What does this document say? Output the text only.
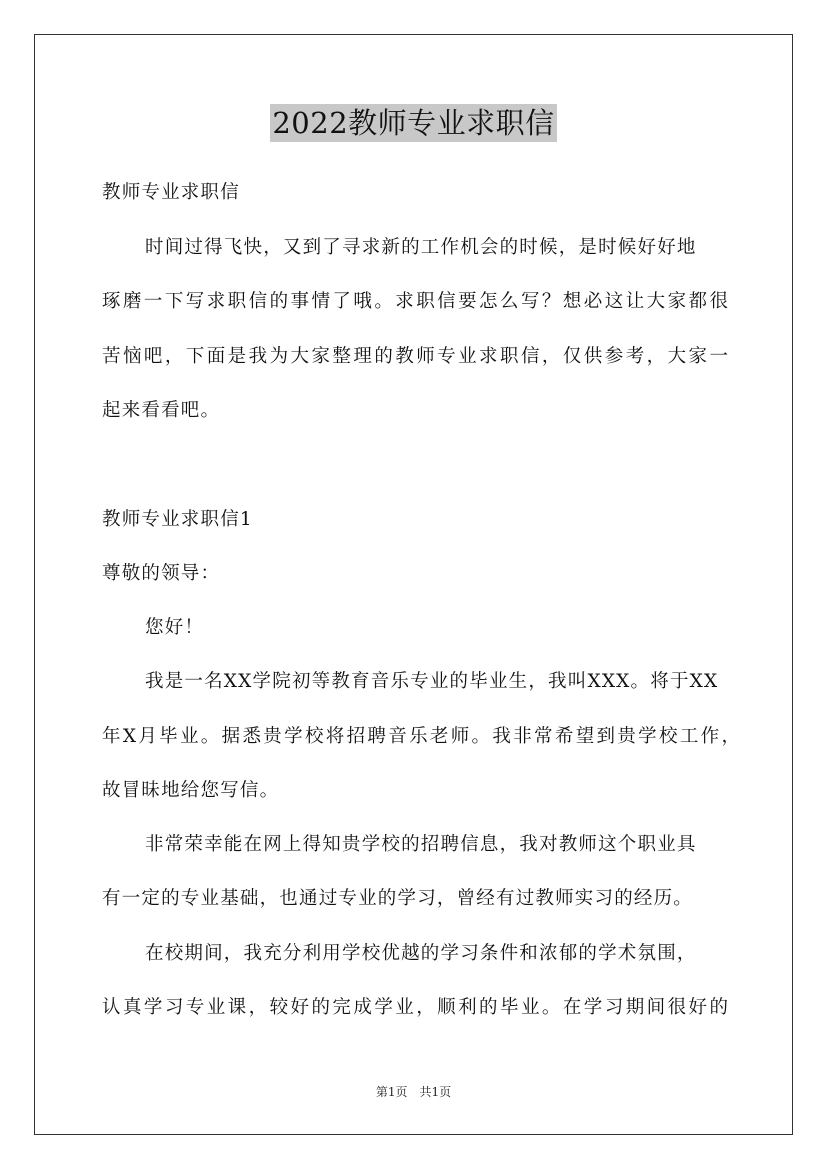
2022教师专业求职信
教师专业求职信
时间过得飞快，又到了寻求新的工作机会的时候，是时候好好地
琢磨一下写求职信的事情了哦。求职信要怎么写？想必这让大家都很
苦恼吧，下面是我为大家整理的教师专业求职信，仅供参考，大家一
起来看看吧。
教师专业求职信1
尊敬的领导：
您好！
我是一名XX学院初等教育音乐专业的毕业生，我叫XXX。将于XX
年X月毕业。据悉贵学校将招聘音乐老师。我非常希望到贵学校工作，
故冒昧地给您写信。
非常荣幸能在网上得知贵学校的招聘信息，我对教师这个职业具
有一定的专业基础，也通过专业的学习，曾经有过教师实习的经历。
在校期间，我充分利用学校优越的学习条件和浓郁的学术氛围，
认真学习专业课，较好的完成学业，顺利的毕业。在学习期间很好的
第1页　共1页
